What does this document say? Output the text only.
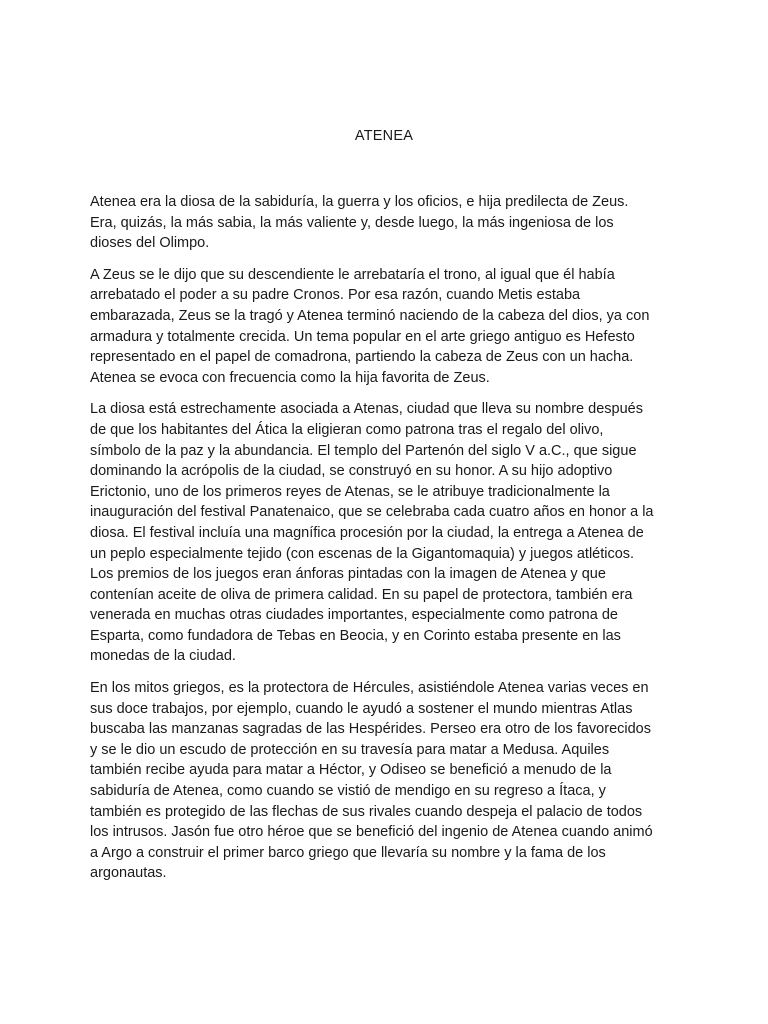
ATENEA

Atenea era la diosa de la sabiduría, la guerra y los oficios, e hija predilecta de Zeus.
Era, quizás, la más sabia, la más valiente y, desde luego, la más ingeniosa de los
dioses del Olimpo.

A Zeus se le dijo que su descendiente le arrebataría el trono, al igual que él había
arrebatado el poder a su padre Cronos. Por esa razón, cuando Metis estaba
embarazada, Zeus se la tragó y Atenea terminó naciendo de la cabeza del dios, ya con
armadura y totalmente crecida. Un tema popular en el arte griego antiguo es Hefesto
representado en el papel de comadrona, partiendo la cabeza de Zeus con un hacha.
Atenea se evoca con frecuencia como la hija favorita de Zeus.

La diosa está estrechamente asociada a Atenas, ciudad que lleva su nombre después
de que los habitantes del Ática la eligieran como patrona tras el regalo del olivo,
símbolo de la paz y la abundancia. El templo del Partenón del siglo V a.C., que sigue
dominando la acrópolis de la ciudad, se construyó en su honor. A su hijo adoptivo
Erictonio, uno de los primeros reyes de Atenas, se le atribuye tradicionalmente la
inauguración del festival Panatenaico, que se celebraba cada cuatro años en honor a la
diosa. El festival incluía una magnífica procesión por la ciudad, la entrega a Atenea de
un peplo especialmente tejido (con escenas de la Gigantomaquia) y juegos atléticos.
Los premios de los juegos eran ánforas pintadas con la imagen de Atenea y que
contenían aceite de oliva de primera calidad. En su papel de protectora, también era
venerada en muchas otras ciudades importantes, especialmente como patrona de
Esparta, como fundadora de Tebas en Beocia, y en Corinto estaba presente en las
monedas de la ciudad.

En los mitos griegos, es la protectora de Hércules, asistiéndole Atenea varias veces en
sus doce trabajos, por ejemplo, cuando le ayudó a sostener el mundo mientras Atlas
buscaba las manzanas sagradas de las Hespérides. Perseo era otro de los favorecidos
y se le dio un escudo de protección en su travesía para matar a Medusa. Aquiles
también recibe ayuda para matar a Héctor, y Odiseo se benefició a menudo de la
sabiduría de Atenea, como cuando se vistió de mendigo en su regreso a Ítaca, y
también es protegido de las flechas de sus rivales cuando despeja el palacio de todos
los intrusos. Jasón fue otro héroe que se benefició del ingenio de Atenea cuando animó
a Argo a construir el primer barco griego que llevaría su nombre y la fama de los
argonautas.
